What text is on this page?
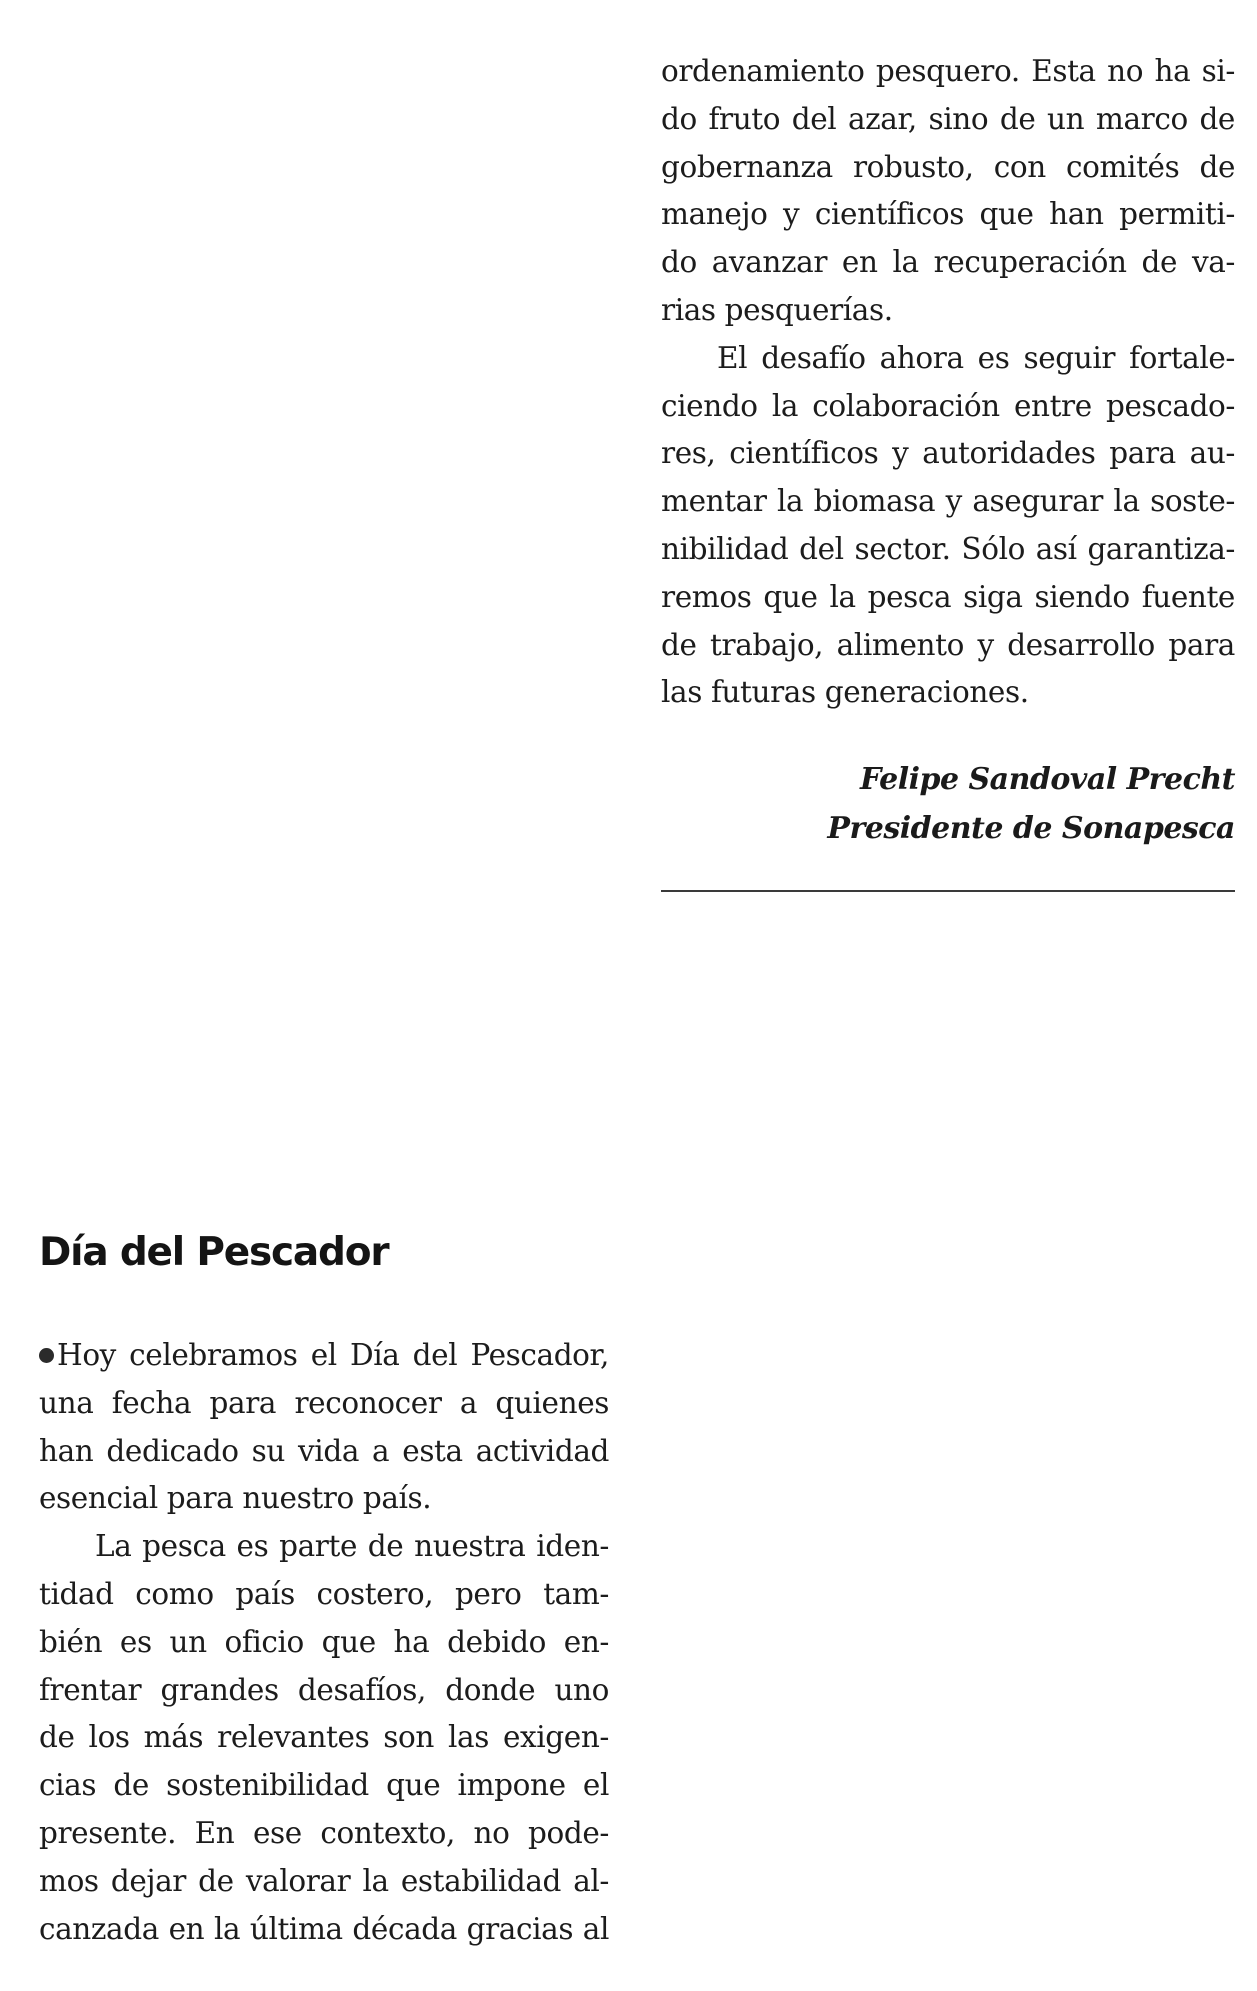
ordenamiento pesquero. Esta no ha si-
do fruto del azar, sino de un marco de
gobernanza robusto, con comités de
manejo y científicos que han permiti-
do avanzar en la recuperación de va-
rias pesquerías.
El desafío ahora es seguir fortale-
ciendo la colaboración entre pescado-
res, científicos y autoridades para au-
mentar la biomasa y asegurar la soste-
nibilidad del sector. Sólo así garantiza-
remos que la pesca siga siendo fuente
de trabajo, alimento y desarrollo para
las futuras generaciones.
Felipe Sandoval Precht
Presidente de Sonapesca
Día del Pescador
Hoy celebramos el Día del Pescador,
una fecha para reconocer a quienes
han dedicado su vida a esta actividad
esencial para nuestro país.
La pesca es parte de nuestra iden-
tidad como país costero, pero tam-
bién es un oficio que ha debido en-
frentar grandes desafíos, donde uno
de los más relevantes son las exigen-
cias de sostenibilidad que impone el
presente. En ese contexto, no pode-
mos dejar de valorar la estabilidad al-
canzada en la última década gracias al
